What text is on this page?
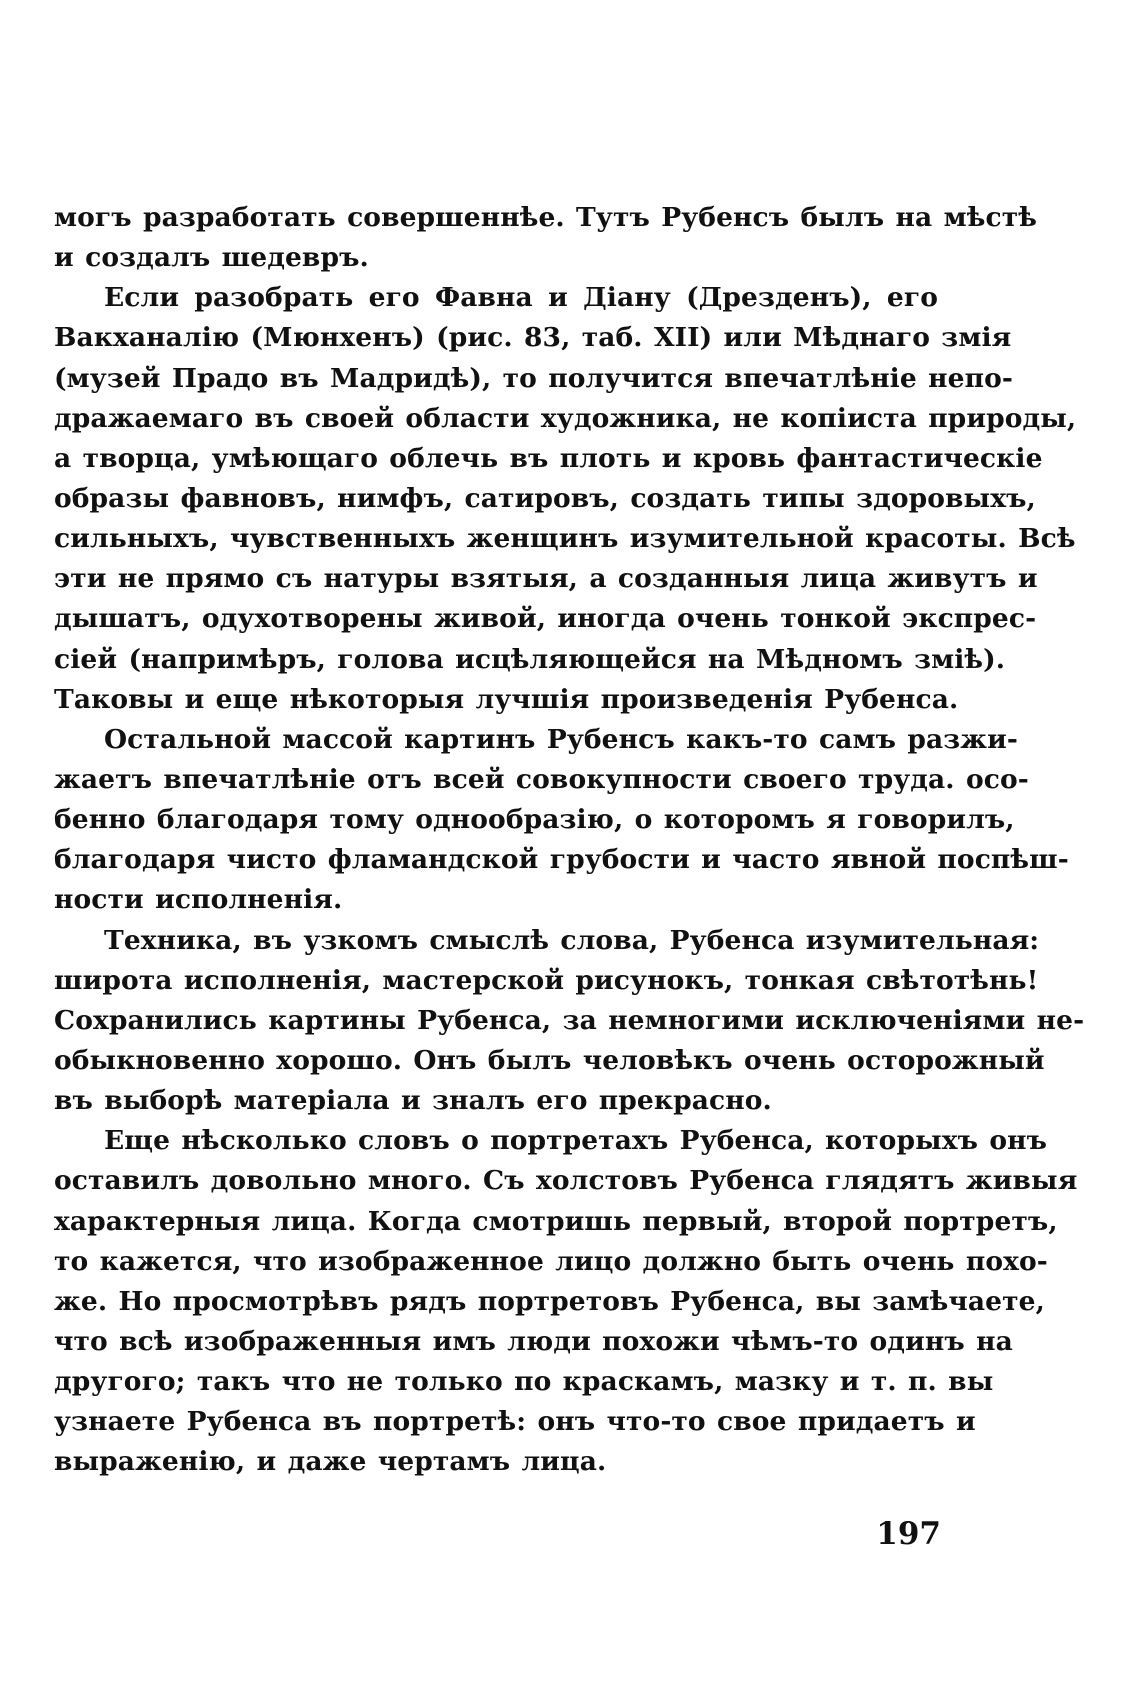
могъ разработать совершеннѣе. Тутъ Рубенсъ былъ на мѣстѣ
и создалъ шедевръ.
Если разобрать его Фавна и Діану (Дрезденъ), его
Вакханалію (Мюнхенъ) (рис. 83, таб. XII) или Мѣднаго змія
(музей Прадо въ Мадридѣ), то получится впечатлѣніе непо-
дражаемаго въ своей области художника, не копіиста природы,
а творца, умѣющаго облечь въ плоть и кровь фантастическіе
образы фавновъ, нимфъ, сатировъ, создать типы здоровыхъ,
сильныхъ, чувственныхъ женщинъ изумительной красоты. Всѣ
эти не прямо съ натуры взятыя, а созданныя лица живутъ и
дышатъ, одухотворены живой, иногда очень тонкой экспрес-
сіей (напримѣръ, голова исцѣляющейся на Мѣдномъ зміѣ).
Таковы и еще нѣкоторыя лучшія произведенія Рубенса.
Остальной массой картинъ Рубенсъ какъ-то самъ разжи-
жаетъ впечатлѣніе отъ всей совокупности своего труда. осо-
бенно благодаря тому однообразію, о которомъ я говорилъ,
благодаря чисто фламандской грубости и часто явной поспѣш-
ности исполненія.
Техника, въ узкомъ смыслѣ слова, Рубенса изумительная:
широта исполненія, мастерской рисунокъ, тонкая свѣтотѣнь!
Сохранились картины Рубенса, за немногими исключеніями не-
обыкновенно хорошо. Онъ былъ человѣкъ очень осторожный
въ выборѣ матеріала и зналъ его прекрасно.
Еще нѣсколько словъ о портретахъ Рубенса, которыхъ онъ
оставилъ довольно много. Съ холстовъ Рубенса глядятъ живыя
характерныя лица. Когда смотришь первый, второй портретъ,
то кажется, что изображенное лицо должно быть очень похо-
же. Но просмотрѣвъ рядъ портретовъ Рубенса, вы замѣчаете,
что всѣ изображенныя имъ люди похожи чѣмъ-то одинъ на
другого; такъ что не только по краскамъ, мазку и т. п. вы
узнаете Рубенса въ портретѣ: онъ что-то свое придаетъ и
выраженію, и даже чертамъ лица.
197
